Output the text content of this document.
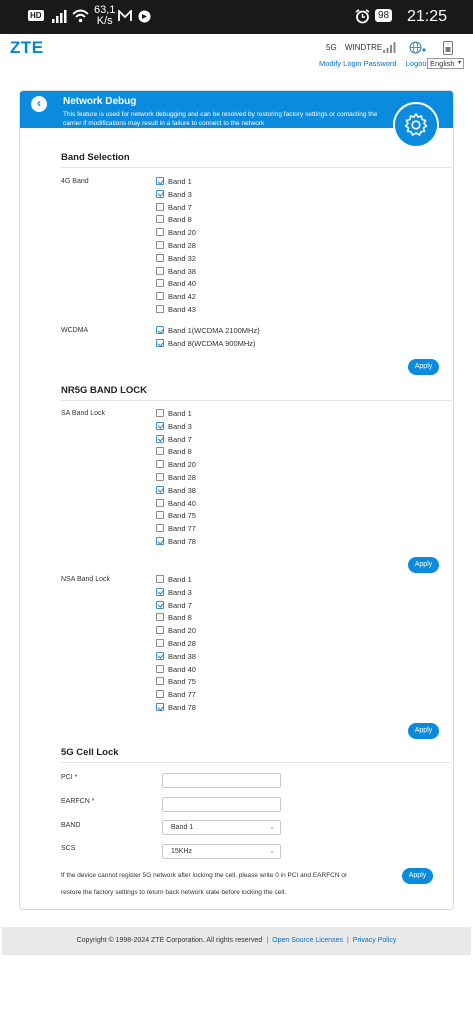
HD	63,1
K/s	98 21:25
ZTE	5G WINDTRE
Modify Login Password Logout English ▾
‹	Network Debug

This feature is used for network debugging and can be resolved by restoring factory settings or contacting the carrier if modifications may result in a failure to connect to the network

Band Selection
4G Band	Band 1
Band 3
Band 7
Band 8
Band 20
Band 28
Band 32
Band 38
Band 40
Band 42
Band 43
WCDMA	Band 1(WCDMA 2100MHz)
Band 8(WCDMA 900MHz)
Apply
NR5G BAND LOCK
SA Band Lock	Band 1
Band 3
Band 7
Band 8
Band 20
Band 28
Band 38
Band 40
Band 75
Band 77
Band 78
Apply
NSA Band Lock	Band 1
Band 3
Band 7
Band 8
Band 20
Band 28
Band 38
Band 40
Band 75
Band 77
Band 78
Apply
5G Cell Lock
PCI *
EARFCN *
BAND	Band 1	⌄
SCS	15KHz	⌄
If the device cannot register 5G network after locking the cell, please write 0 in PCI and EARFCN or
restore the factory settings to return back network state before locking the cell.
Apply
Copyright © 1998-2024 ZTE Corporation. All rights reserved | Open Source Licenses | Privacy Policy
